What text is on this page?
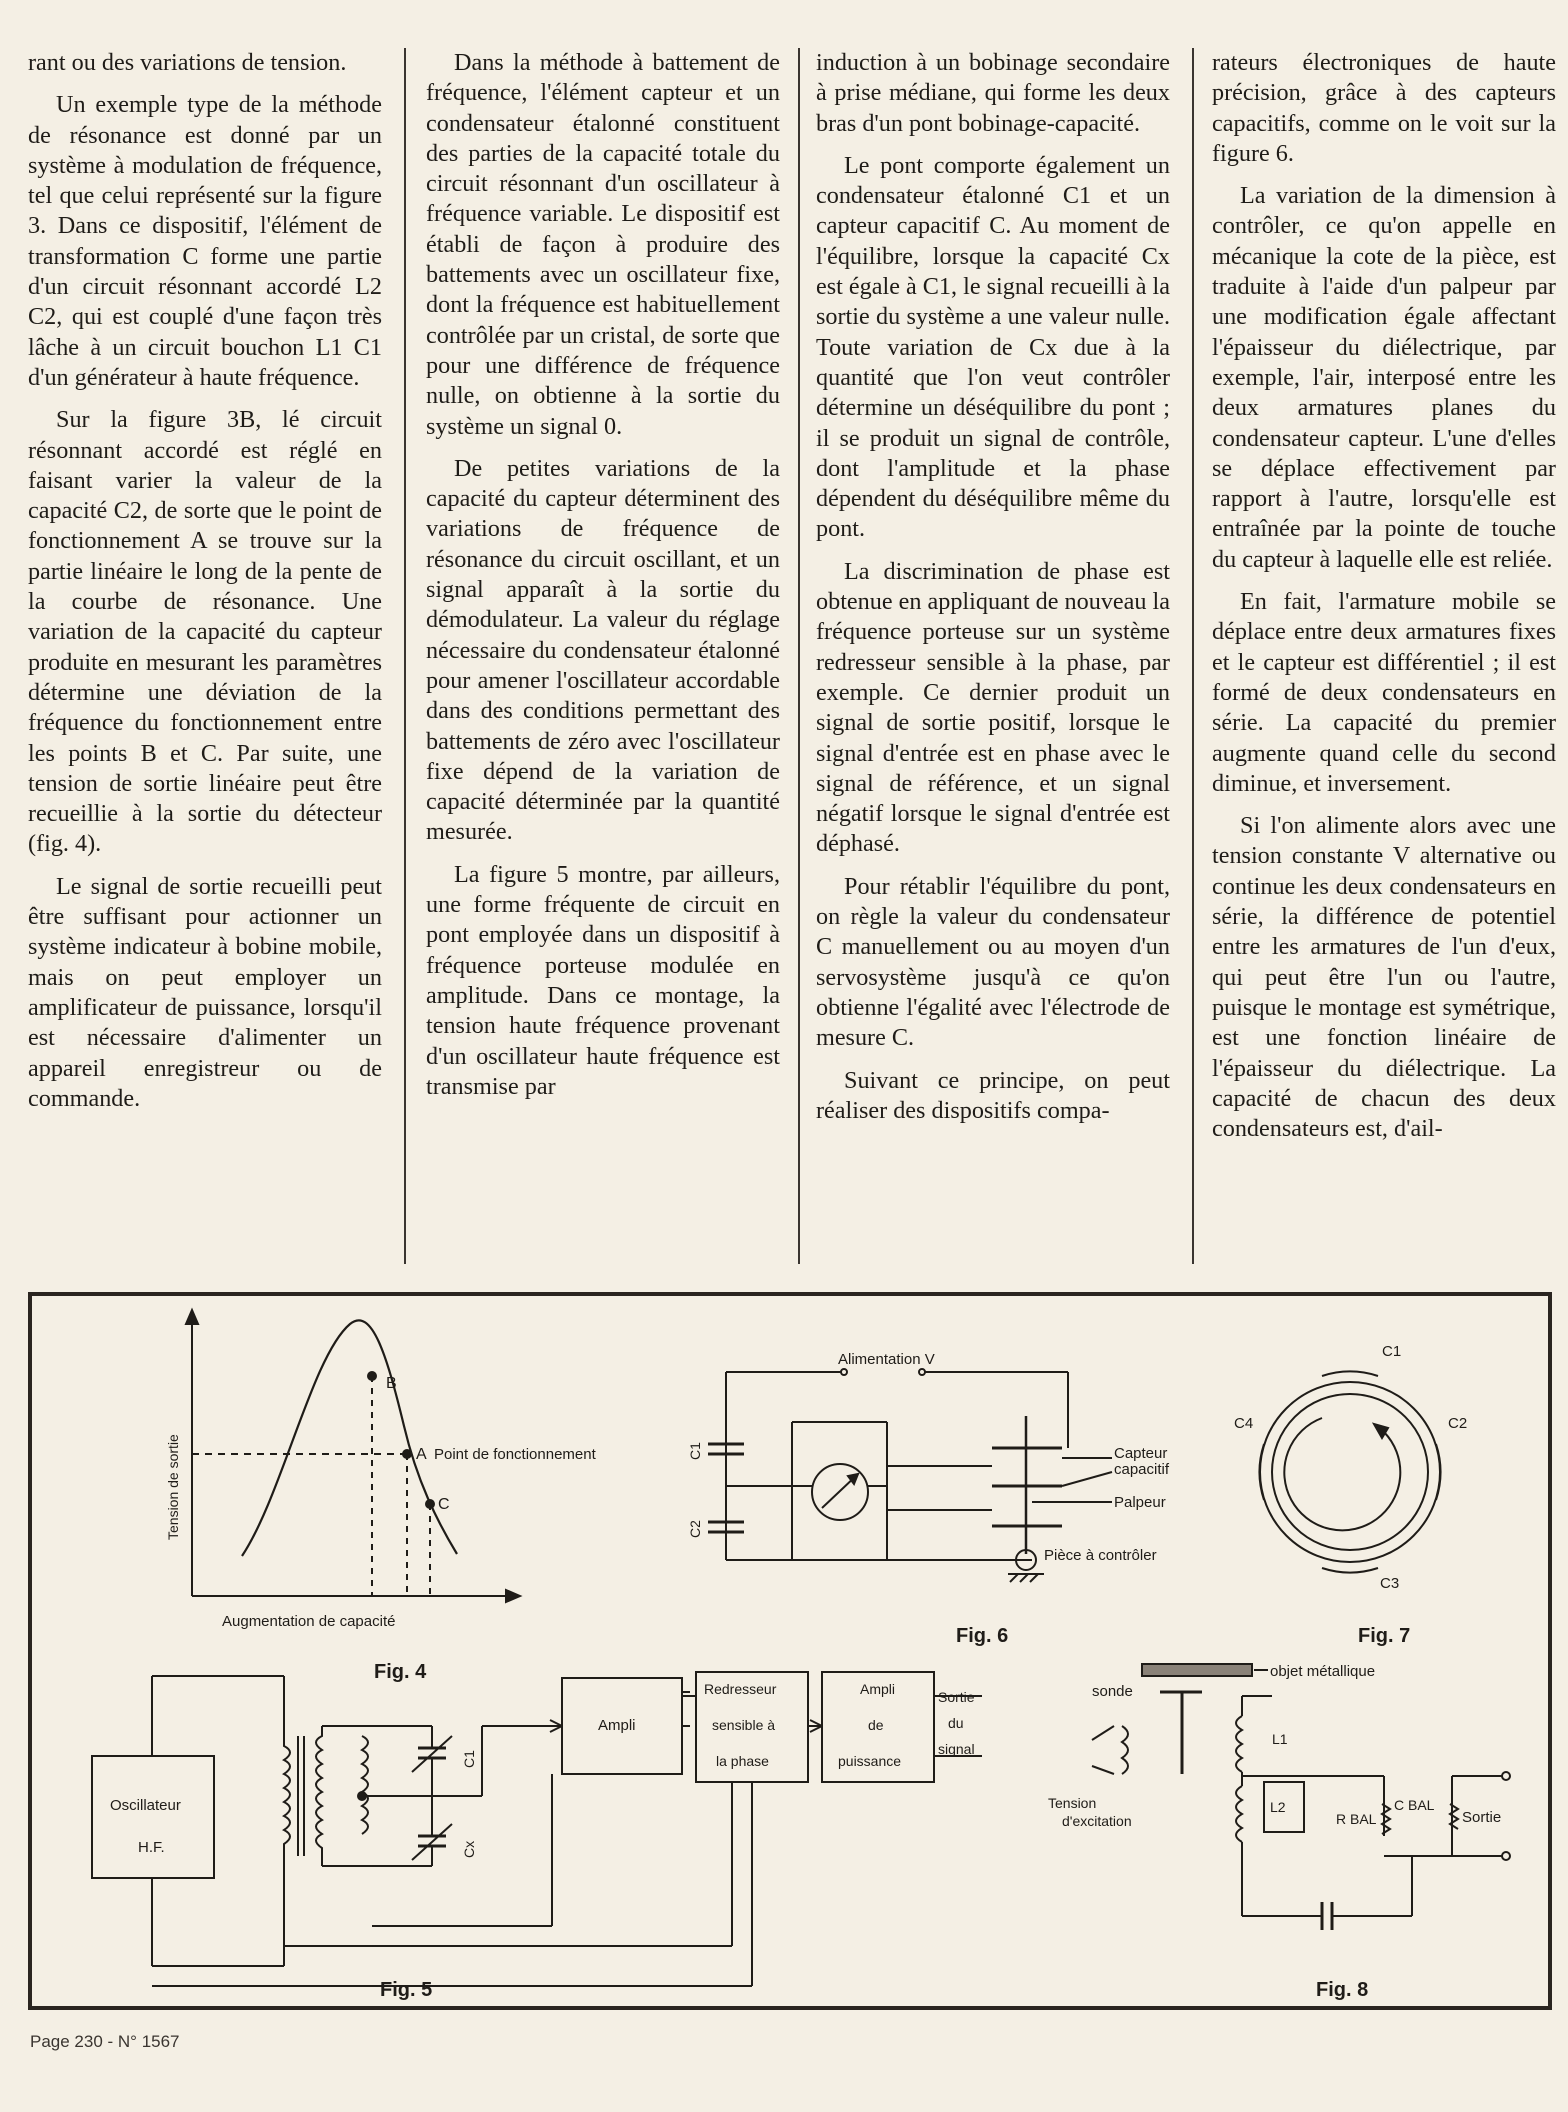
rant ou des variations de tension.

Un exemple type de la méthode de résonance est donné par un système à modulation de fréquence, tel que celui représenté sur la figure 3. Dans ce dispositif, l'élément de transformation C forme une partie d'un circuit résonnant accordé L2 C2, qui est couplé d'une façon très lâche à un circuit bouchon L1 C1 d'un générateur à haute fréquence.

Sur la figure 3B, lé circuit résonnant accordé est réglé en faisant varier la valeur de la capacité C2, de sorte que le point de fonctionnement A se trouve sur la partie linéaire le long de la pente de la courbe de résonance. Une variation de la capacité du capteur produite en mesurant les paramètres détermine une déviation de la fréquence du fonctionnement entre les points B et C. Par suite, une tension de sortie linéaire peut être recueillie à la sortie du détecteur (fig. 4).

Le signal de sortie recueilli peut être suffisant pour actionner un système indicateur à bobine mobile, mais on peut employer un amplificateur de puissance, lorsqu'il est nécessaire d'alimenter un appareil enregistreur ou de commande.

Dans la méthode à battement de fréquence, l'élément capteur et un condensateur étalonné constituent des parties de la capacité totale du circuit résonnant d'un oscillateur à fréquence variable. Le dispositif est établi de façon à produire des battements avec un oscillateur fixe, dont la fréquence est habituellement contrôlée par un cristal, de sorte que pour une différence de fréquence nulle, on obtienne à la sortie du système un signal 0.

De petites variations de la capacité du capteur déterminent des variations de fréquence de résonance du circuit oscillant, et un signal apparaît à la sortie du démodulateur. La valeur du réglage nécessaire du condensateur étalonné pour amener l'oscillateur accordable dans des conditions permettant des battements de zéro avec l'oscillateur fixe dépend de la variation de capacité déterminée par la quantité mesurée.

La figure 5 montre, par ailleurs, une forme fréquente de circuit en pont employée dans un dispositif à fréquence porteuse modulée en amplitude. Dans ce montage, la tension haute fréquence provenant d'un oscillateur haute fréquence est transmise par

induction à un bobinage secondaire à prise médiane, qui forme les deux bras d'un pont bobinage-capacité.

Le pont comporte également un condensateur étalonné C1 et un capteur capacitif C. Au moment de l'équilibre, lorsque la capacité Cx est égale à C1, le signal recueilli à la sortie du système a une valeur nulle. Toute variation de Cx due à la quantité que l'on veut contrôler détermine un déséquilibre du pont ; il se produit un signal de contrôle, dont l'amplitude et la phase dépendent du déséquilibre même du pont.

La discrimination de phase est obtenue en appliquant de nouveau la fréquence porteuse sur un système redresseur sensible à la phase, par exemple. Ce dernier produit un signal de sortie positif, lorsque le signal d'entrée est en phase avec le signal de référence, et un signal négatif lorsque le signal d'entrée est déphasé.

Pour rétablir l'équilibre du pont, on règle la valeur du condensateur C manuellement ou au moyen d'un servosystème jusqu'à ce qu'on obtienne l'égalité avec l'électrode de mesure C.

Suivant ce principe, on peut réaliser des dispositifs compa-

rateurs électroniques de haute précision, grâce à des capteurs capacitifs, comme on le voit sur la figure 6.

La variation de la dimension à contrôler, ce qu'on appelle en mécanique la cote de la pièce, est traduite à l'aide d'un palpeur par une modification égale affectant l'épaisseur du diélectrique, par exemple, l'air, interposé entre les deux armatures planes du condensateur capteur. L'une d'elles se déplace effectivement par rapport à l'autre, lorsqu'elle est entraînée par la pointe de touche du capteur à laquelle elle est reliée.

En fait, l'armature mobile se déplace entre deux armatures fixes et le capteur est différentiel ; il est formé de deux condensateurs en série. La capacité du premier augmente quand celle du second diminue, et inversement.

Si l'on alimente alors avec une tension constante V alternative ou continue les deux condensateurs en série, la différence de potentiel entre les armatures de l'un d'eux, qui peut être l'un ou l'autre, puisque le montage est symétrique, est une fonction linéaire de l'épaisseur du diélectrique. La capacité de chacun des deux condensateurs est, d'ail-

B
A Point de fonctionnement
C
Tension de sortie
Augmentation de capacité
Fig. 4
Alimentation V
C1
C2
Capteur
capacitif
Palpeur
Pièce à contrôler
Fig. 6
C1
C2
C3
C4
Fig. 7
Oscillateur
H.F.
C1
Cx
Ampli
Redresseur
sensible à
la phase
Ampli
de
puissance
Sortie
du
signal
Fig. 5
objet métallique
sonde
Tension
d'excitation
L1
L2
R BAL
C BAL
Sortie
Fig. 8
Page 230 - N° 1567
